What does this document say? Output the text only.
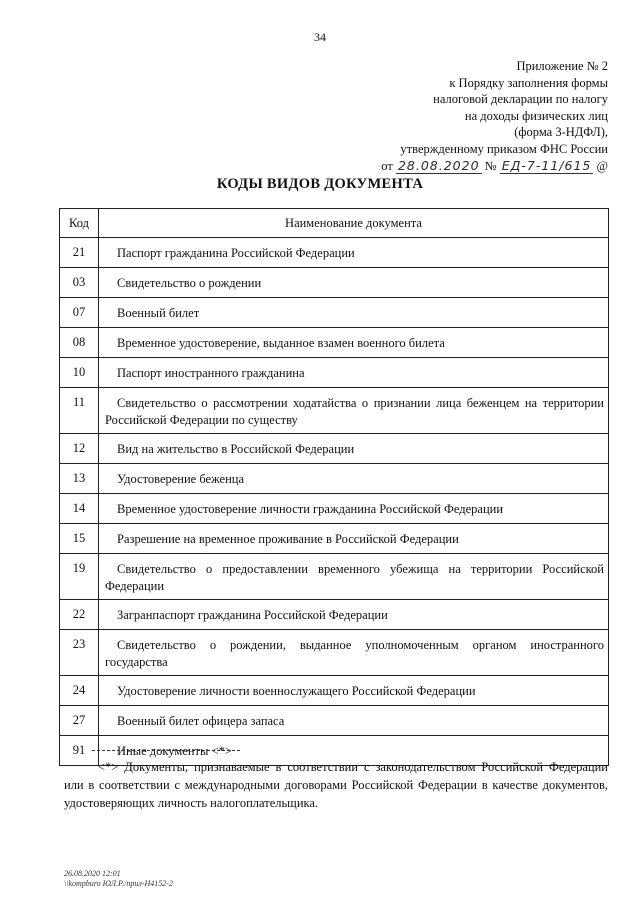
34
Приложение № 2
к Порядку заполнения формы
налоговой декларации по налогу
на доходы физических лиц
(форма 3-НДФЛ),
утвержденному приказом ФНС России
от 28.08.2020 № ЕД-7-11/615 @
КОДЫ ВИДОВ ДОКУМЕНТА
Код	Наименование документа
21	Паспорт гражданина Российской Федерации

03	Свидетельство о рождении

07	Военный билет

08	Временное удостоверение, выданное взамен военного билета

10	Паспорт иностранного гражданина

11	Свидетельство о рассмотрении ходатайства о признании лица беженцем на территории Российской Федерации по существу

12	Вид на жительство в Российской Федерации

13	Удостоверение беженца

14	Временное удостоверение личности гражданина Российской Федерации

15	Разрешение на временное проживание в Российской Федерации

19	Свидетельство о предоставлении временного убежища на территории Российской Федерации

22	Загранпаспорт гражданина Российской Федерации

23	Свидетельство о рождении, выданное уполномоченным органом иностранного государства

24	Удостоверение личности военнослужащего Российской Федерации

27	Военный билет офицера запаса

91	Иные документы <*>
<*> Документы, признаваемые в соответствии с законодательством Российской Федерации или в соответствии с международными договорами Российской Федерации в качестве документов, удостоверяющих личность налогоплательщика.
26.08.2020 12:01
\\kompburo ЮЛ.Р./прил-Н4152-2
